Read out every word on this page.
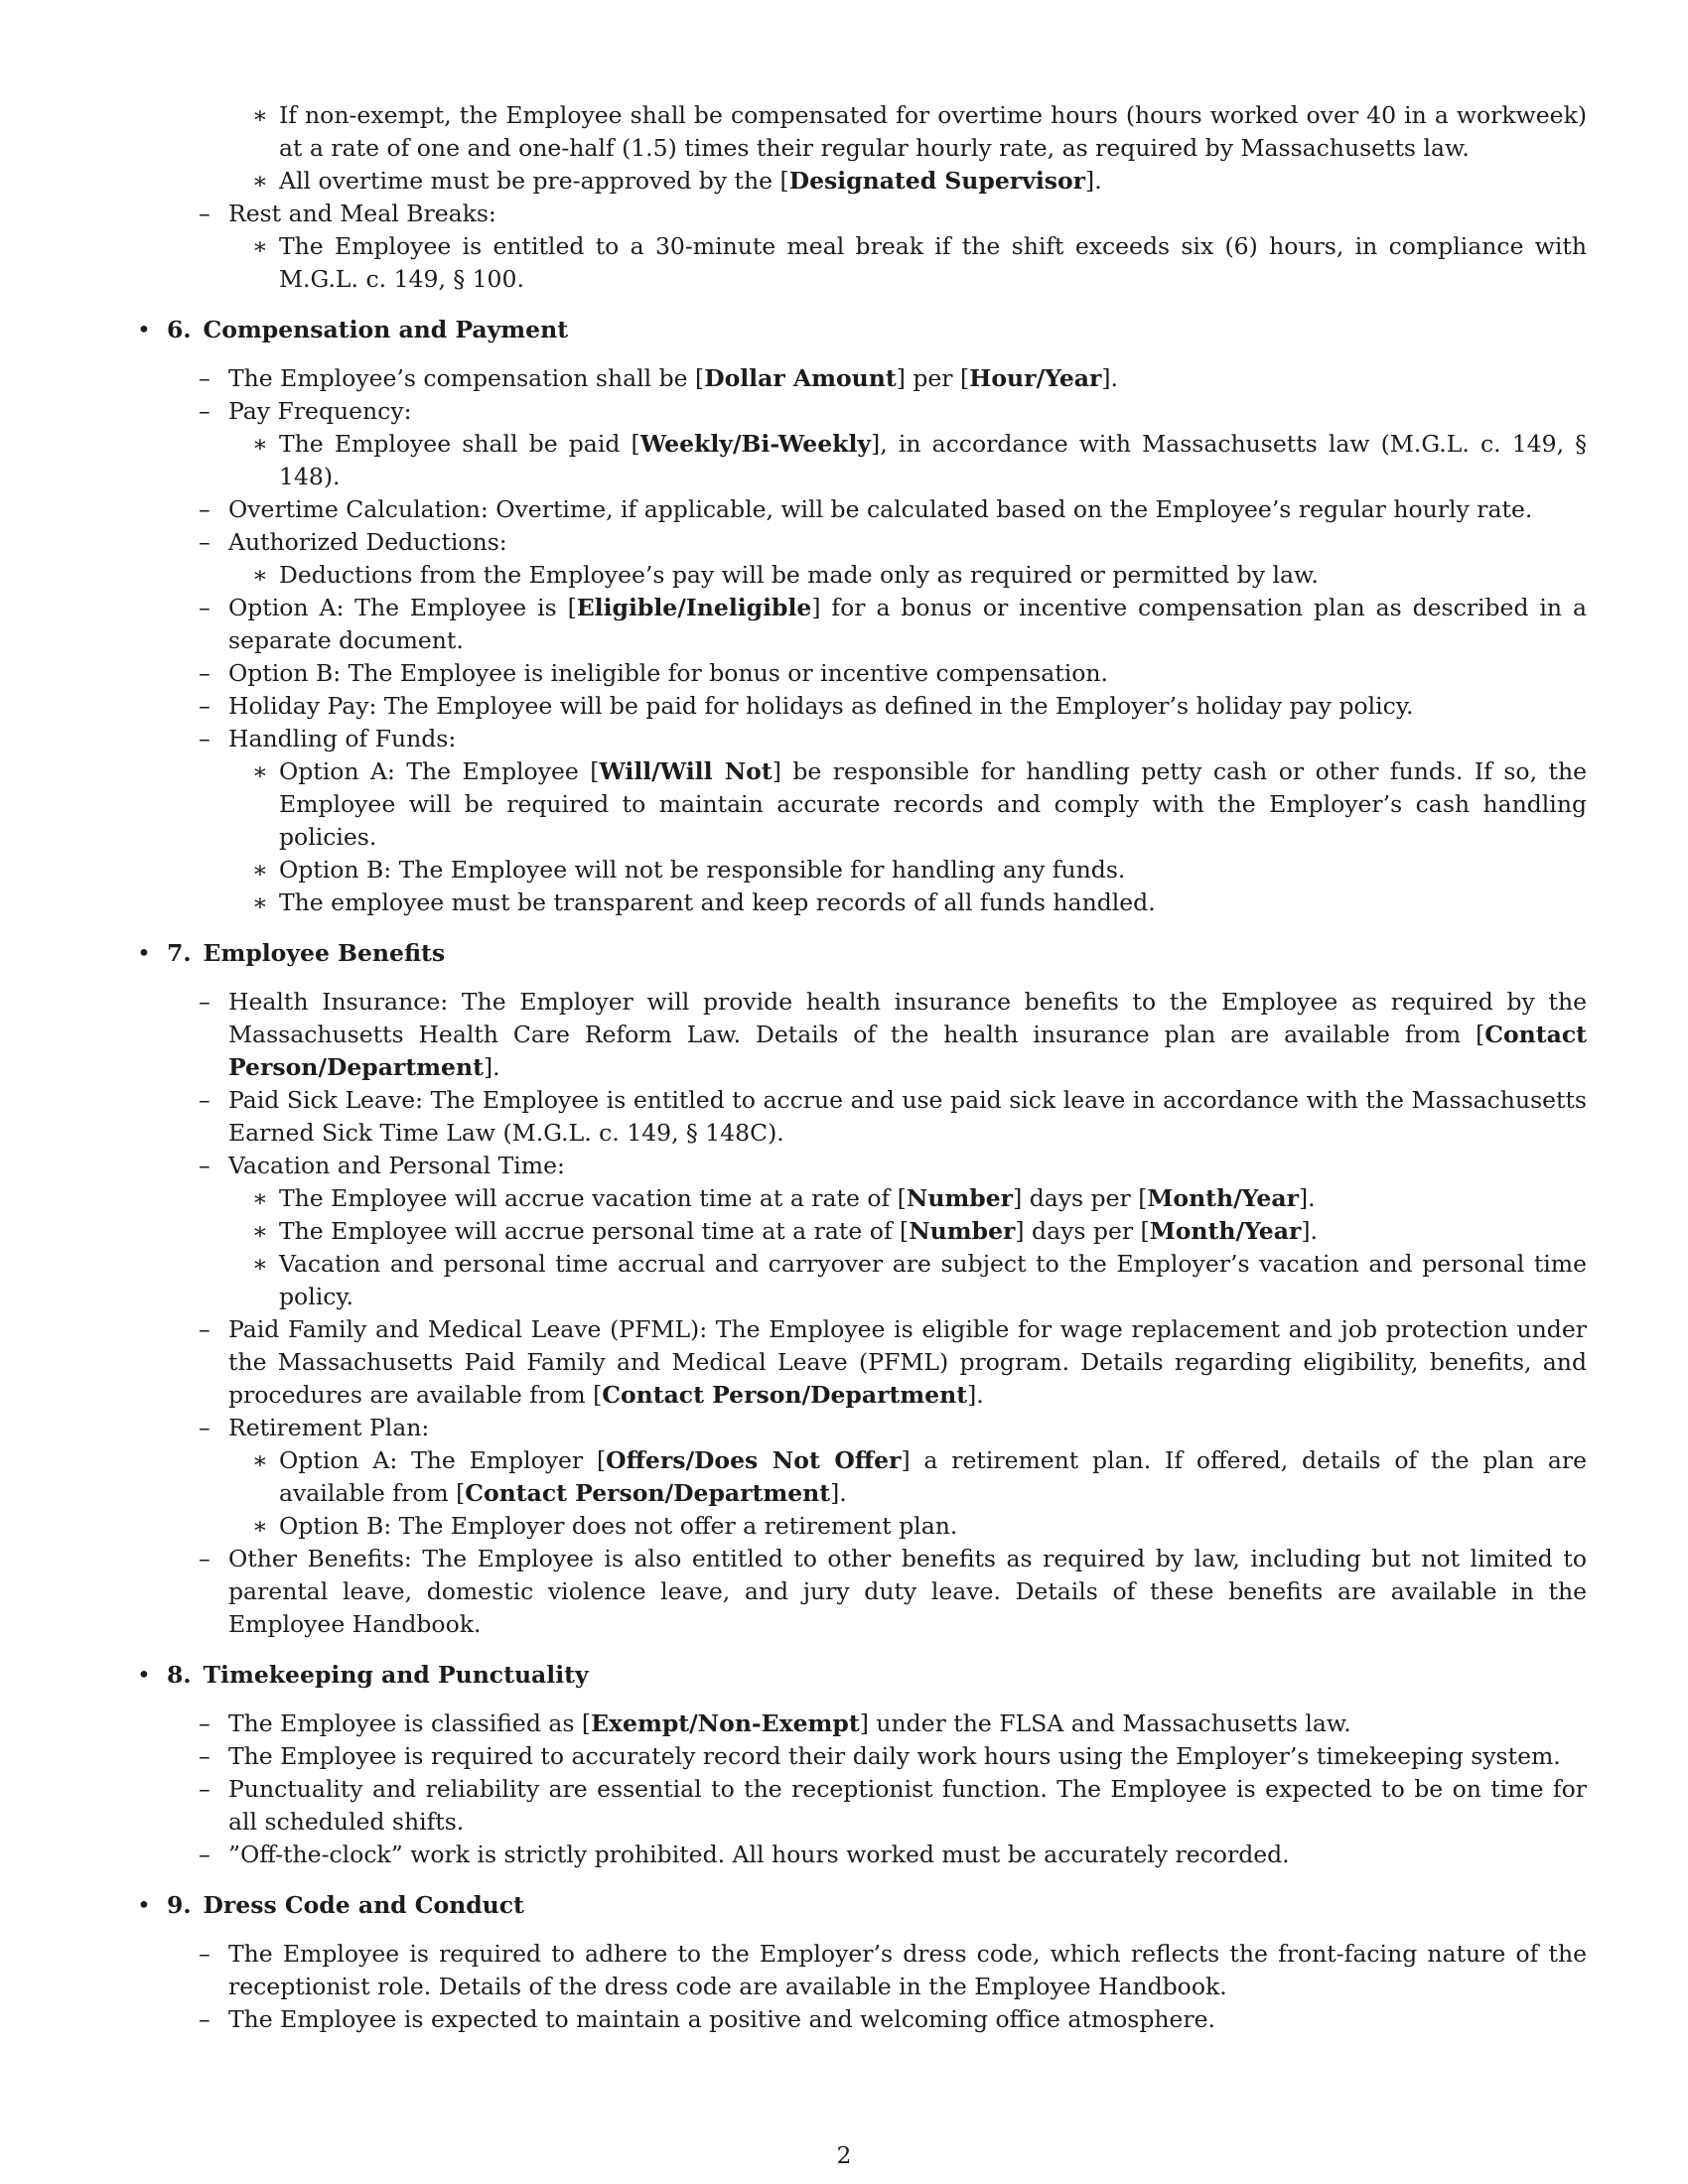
∗ If non-exempt, the Employee shall be compensated for overtime hours (hours worked over 40 in a workweek) at a rate of one and one-half (1.5) times their regular hourly rate, as required by Massachusetts law.
∗ All overtime must be pre-approved by the [Designated Supervisor].
– Rest and Meal Breaks:
∗ The Employee is entitled to a 30-minute meal break if the shift exceeds six (6) hours, in compliance with M.G.L. c. 149, § 100.
• 6. Compensation and Payment
– The Employee’s compensation shall be [Dollar Amount] per [Hour/Year].
– Pay Frequency:
∗ The Employee shall be paid [Weekly/Bi-Weekly], in accordance with Massachusetts law (M.G.L. c. 149, § 148).
– Overtime Calculation: Overtime, if applicable, will be calculated based on the Employee’s regular hourly rate.
– Authorized Deductions:
∗ Deductions from the Employee’s pay will be made only as required or permitted by law.
– Option A: The Employee is [Eligible/Ineligible] for a bonus or incentive compensation plan as described in a separate document.
– Option B: The Employee is ineligible for bonus or incentive compensation.
– Holiday Pay: The Employee will be paid for holidays as defined in the Employer’s holiday pay policy.
– Handling of Funds:
∗ Option A: The Employee [Will/Will Not] be responsible for handling petty cash or other funds. If so, the Employee will be required to maintain accurate records and comply with the Employer’s cash handling policies.
∗ Option B: The Employee will not be responsible for handling any funds.
∗ The employee must be transparent and keep records of all funds handled.
• 7. Employee Benefits
– Health Insurance: The Employer will provide health insurance benefits to the Employee as required by the Massachusetts Health Care Reform Law. Details of the health insurance plan are available from [Contact Person/Department].
– Paid Sick Leave: The Employee is entitled to accrue and use paid sick leave in accordance with the Massachusetts Earned Sick Time Law (M.G.L. c. 149, § 148C).
– Vacation and Personal Time:
∗ The Employee will accrue vacation time at a rate of [Number] days per [Month/Year].
∗ The Employee will accrue personal time at a rate of [Number] days per [Month/Year].
∗ Vacation and personal time accrual and carryover are subject to the Employer’s vacation and personal time policy.
– Paid Family and Medical Leave (PFML): The Employee is eligible for wage replacement and job protection under the Massachusetts Paid Family and Medical Leave (PFML) program. Details regarding eligibility, benefits, and procedures are available from [Contact Person/Department].
– Retirement Plan:
∗ Option A: The Employer [Offers/Does Not Offer] a retirement plan. If offered, details of the plan are available from [Contact Person/Department].
∗ Option B: The Employer does not offer a retirement plan.
– Other Benefits: The Employee is also entitled to other benefits as required by law, including but not limited to parental leave, domestic violence leave, and jury duty leave. Details of these benefits are available in the Employee Handbook.
• 8. Timekeeping and Punctuality
– The Employee is classified as [Exempt/Non-Exempt] under the FLSA and Massachusetts law.
– The Employee is required to accurately record their daily work hours using the Employer’s timekeeping system.
– Punctuality and reliability are essential to the receptionist function. The Employee is expected to be on time for all scheduled shifts.
– ”Off-the-clock” work is strictly prohibited. All hours worked must be accurately recorded.
• 9. Dress Code and Conduct
– The Employee is required to adhere to the Employer’s dress code, which reflects the front-facing nature of the receptionist role. Details of the dress code are available in the Employee Handbook.
– The Employee is expected to maintain a positive and welcoming office atmosphere.
2
